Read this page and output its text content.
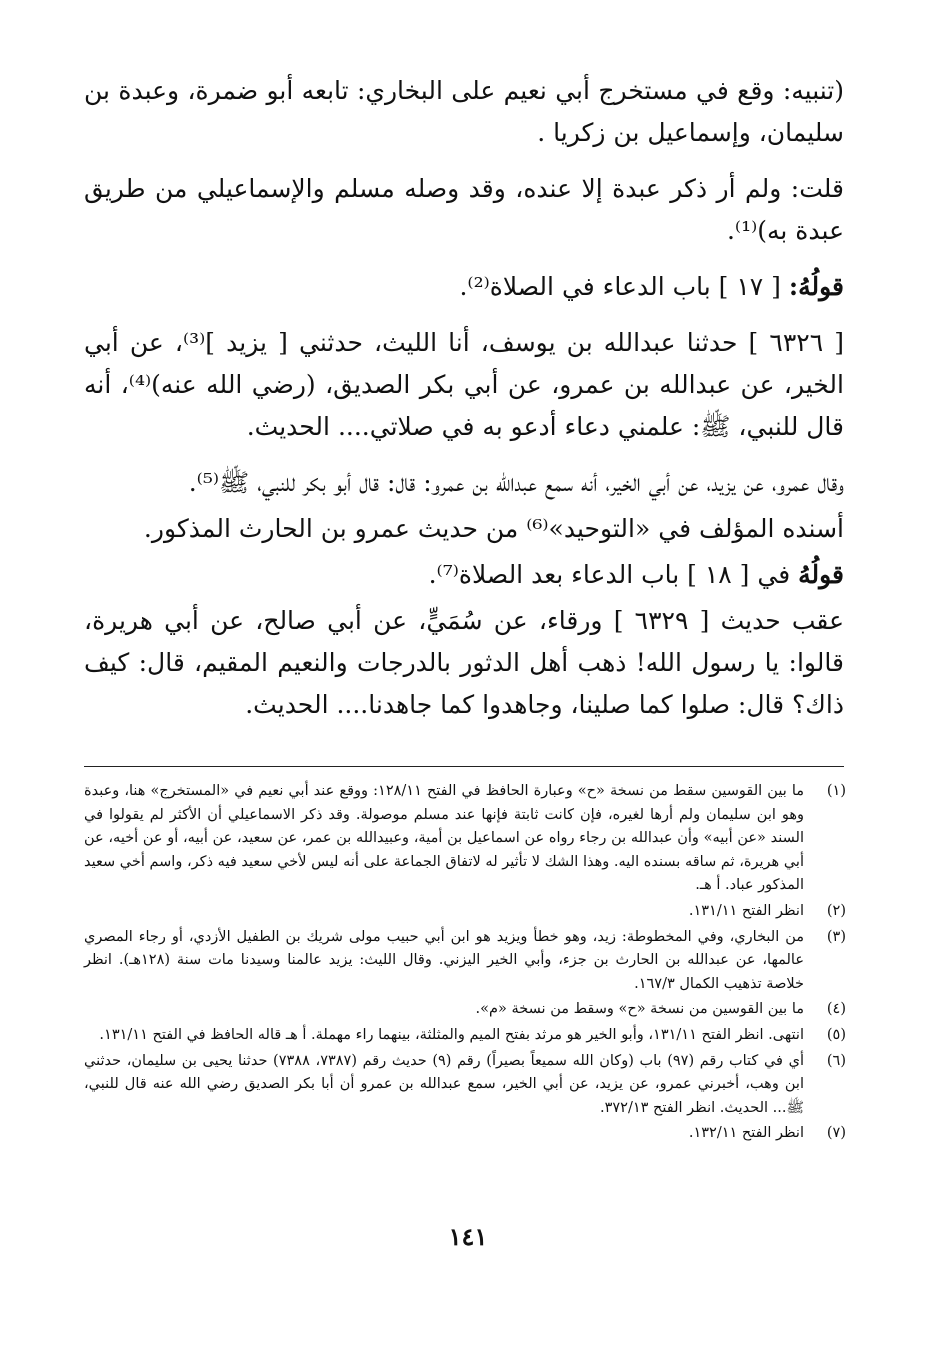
(تنبيه: وقع في مستخرج أبي نعيم على البخاري: تابعه أبو ضمرة، وعبدة بن سليمان، وإسماعيل بن زكريا .

قلت: ولم أر ذكر عبدة إلا عنده، وقد وصله مسلم والإسماعيلي من طريق عبدة به)⁽¹⁾.

قولُهُ: [ ١٧ ] باب الدعاء في الصلاة⁽²⁾.

[ ٦٣٢٦ ] حدثنا عبدالله بن يوسف، أنا الليث، حدثني [ يزيد ]⁽³⁾، عن أبي الخير، عن عبدالله بن عمرو، عن أبي بكر الصديق، (رضي الله عنه)⁽⁴⁾، أنه قال للنبي، ﷺ: علمني دعاء أدعو به في صلاتي.... الحديث.

وقال عمرو، عن يزيد، عن أبي الخير، أنه سمع عبدالله بن عمرو: قال: قال أبو بكر للنبي، ﷺ⁽⁵⁾.

أسنده المؤلف في «التوحيد»⁽⁶⁾ من حديث عمرو بن الحارث المذكور.

قولُهُ في [ ١٨ ] باب الدعاء بعد الصلاة⁽⁷⁾.

عقب حديث [ ٦٣٢٩ ] ورقاء، عن سُمَيٍّ، عن أبي صالح، عن أبي هريرة، قالوا: يا رسول الله! ذهب أهل الدثور بالدرجات والنعيم المقيم، قال: كيف ذاك؟ قال: صلوا كما صلينا، وجاهدوا كما جاهدنا.... الحديث.

(١)
ما بين القوسين سقط من نسخة «ح» وعبارة الحافظ في الفتح ١٢٨/١١: ووقع عند أبي نعيم في «المستخرج» هنا، وعبدة وهو ابن سليمان ولم أرها لغيره، فإن كانت ثابتة فإنها عند مسلم موصولة. وقد ذكر الاسماعيلي أن الأكثر لم يقولوا في السند «عن أبيه» وأن عبدالله بن رجاء رواه عن اسماعيل بن أمية، وعبيدالله بن عمر، عن سعيد، عن أبيه، أو عن أخيه، عن أبي هريرة، ثم ساقه بسنده اليه. وهذا الشك لا تأثير له لاتفاق الجماعة على أنه ليس لأخي سعيد فيه ذكر، واسم أخي سعيد المذكور عباد. أ هـ.
(٢)
انظر الفتح ١٣١/١١.
(٣)
من البخاري، وفي المخطوطة: زيد، وهو خطأ ويزيد هو ابن أبي حبيب مولى شريك بن الطفيل الأزدي، أو رجاء المصري عالمها، عن عبدالله بن الحارث بن جزء، وأبي الخير اليزني. وقال الليث: يزيد عالمنا وسيدنا مات سنة (١٢٨هـ). انظر خلاصة تذهيب الكمال ١٦٧/٣.
(٤)
ما بين القوسين من نسخة «ح» وسقط من نسخة «م».
(٥)
انتهى. انظر الفتح ١٣١/١١، وأبو الخير هو مرثد بفتح الميم والمثلثة، بينهما راء مهملة. أ هـ قاله الحافظ في الفتح ١٣١/١١.
(٦)
أي في كتاب رقم (٩٧) باب (وكان الله سميعاً بصيراً) رقم (٩) حديث رقم (٧٣٨٧، ٧٣٨٨) حدثنا يحيى بن سليمان، حدثني ابن وهب، أخبرني عمرو، عن يزيد، عن أبي الخير، سمع عبدالله بن عمرو أن أبا بكر الصديق رضي الله عنه قال للنبي، ﷺ... الحديث. انظر الفتح ٣٧٢/١٣.
(٧)
انظر الفتح ١٣٢/١١.
١٤١
